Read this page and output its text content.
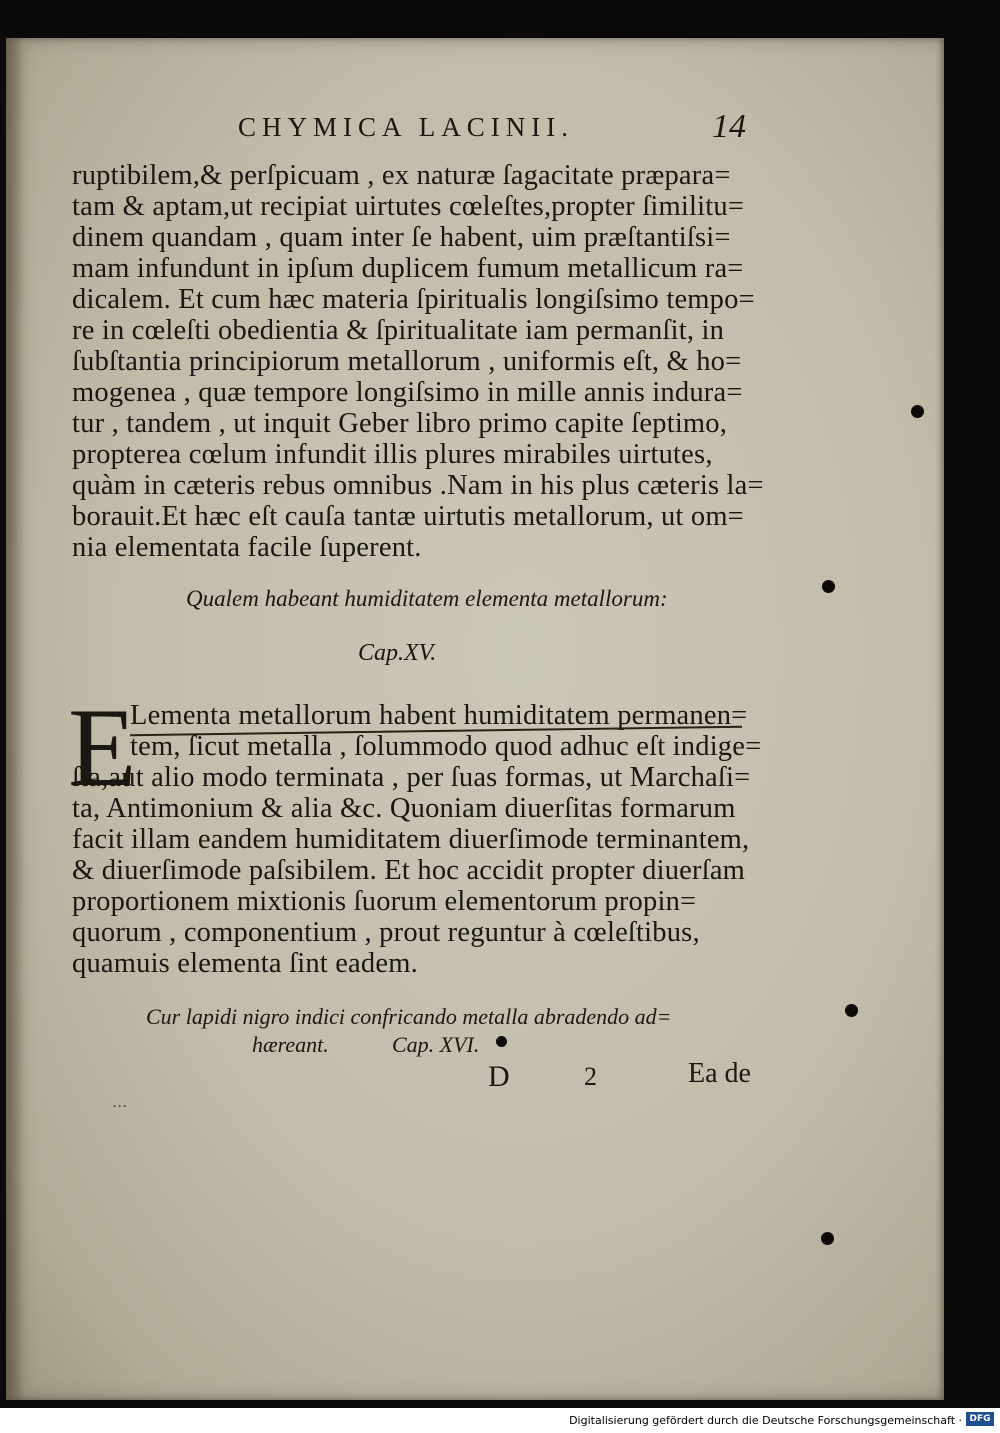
CHYMICA LACINII.	14
ruptibilem,& perſpicuam , ex naturæ ſagacitate præpara=
tam & aptam,ut recipiat uirtutes cœleſtes,propter ſimilitu=
dinem quandam , quam inter ſe habent, uim præſtantiſsi=
mam infundunt in ipſum duplicem fumum metallicum ra=
dicalem. Et cum hæc materia ſpiritualis longiſsimo tempo=
re in cœleſti obedientia & ſpiritualitate iam permanſit, in
ſubſtantia principiorum metallorum , uniformis eſt, & ho=
mogenea , quæ tempore longiſsimo in mille annis indura=
tur , tandem , ut inquit Geber libro primo capite ſeptimo,
propterea cœlum infundit illis plures mirabiles uirtutes,
quàm in cæteris rebus omnibus .Nam in his plus cæteris la=
borauit.Et hæc eſt cauſa tantæ uirtutis metallorum, ut om=
nia elementata facile ſuperent.
Qualem habeant humiditatem elementa metallorum:
Cap.XV.
E
Lementa metallorum habent humiditatem permanen=
tem, ſicut metalla , ſolummodo quod adhuc eſt indige=
ſta,aut alio modo terminata , per ſuas formas, ut Marchaſi=
ta, Antimonium & alia &c. Quoniam diuerſitas formarum
facit illam eandem humiditatem diuerſimode terminantem,
& diuerſimode paſsibilem. Et hoc accidit propter diuerſam
proportionem mixtionis ſuorum elementorum propin=
quorum , componentium , prout reguntur à cœleſtibus,
quamuis elementa ſint eadem.
Cur lapidi nigro indici confricando metalla abradendo ad=
hæreant.	Cap. XVI.
D	2	Ea de
...
Digitalisierung gefördert durch die Deutsche Forschungsgemeinschaft · DFG
